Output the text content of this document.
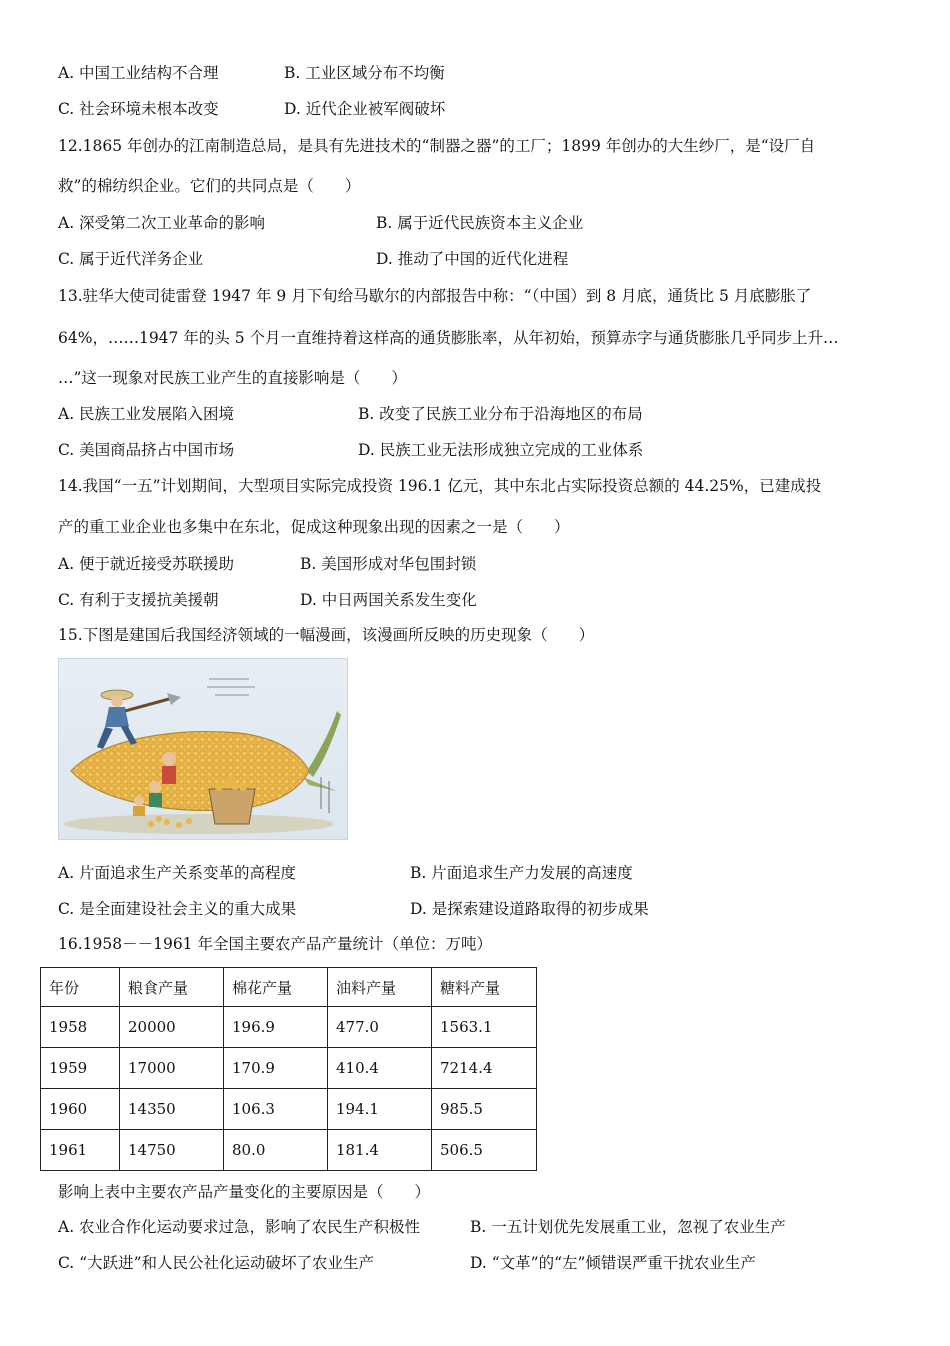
A. 中国工业结构不合理	B. 工业区域分布不均衡
C. 社会环境未根本改变	D. 近代企业被军阀破坏
12.1865 年创办的江南制造总局，是具有先进技术的“制器之器”的工厂；1899 年创办的大生纱厂，是“设厂自
救”的棉纺织企业。它们的共同点是（　　）
A. 深受第二次工业革命的影响	B. 属于近代民族资本主义企业
C. 属于近代洋务企业	D. 推动了中国的近代化进程
13.驻华大使司徒雷登 1947 年 9 月下旬给马歇尔的内部报告中称：“（中国）到 8 月底，通货比 5 月底膨胀了
64%，……1947 年的头 5 个月一直维持着这样高的通货膨胀率，从年初始，预算赤字与通货膨胀几乎同步上升…
…”这一现象对民族工业产生的直接影响是（　　）
A. 民族工业发展陷入困境	B. 改变了民族工业分布于沿海地区的布局
C. 美国商品挤占中国市场	D. 民族工业无法形成独立完成的工业体系
14.我国“一五”计划期间，大型项目实际完成投资 196.1 亿元，其中东北占实际投资总额的 44.25%，已建成投
产的重工业企业也多集中在东北，促成这种现象出现的因素之一是（　　）
A. 便于就近接受苏联援助	B. 美国形成对华包围封锁
C. 有利于支援抗美援朝	D. 中日两国关系发生变化
15.下图是建国后我国经济领域的一幅漫画，该漫画所反映的历史现象（　　）
A. 片面追求生产关系变革的高程度	B. 片面追求生产力发展的高速度
C. 是全面建设社会主义的重大成果	D. 是探索建设道路取得的初步成果
16.1958－－1961 年全国主要农产品产量统计（单位：万吨）
年份	粮食产量	棉花产量	油料产量	糖料产量
1958	20000	196.9	477.0	1563.1
1959	17000	170.9	410.4	7214.4
1960	14350	106.3	194.1	985.5
1961	14750	80.0	181.4	506.5
影响上表中主要农产品产量变化的主要原因是（　　）
A. 农业合作化运动要求过急，影响了农民生产积极性	B. 一五计划优先发展重工业，忽视了农业生产
C. “大跃进”和人民公社化运动破坏了农业生产	D. “文革”的“左”倾错误严重干扰农业生产
